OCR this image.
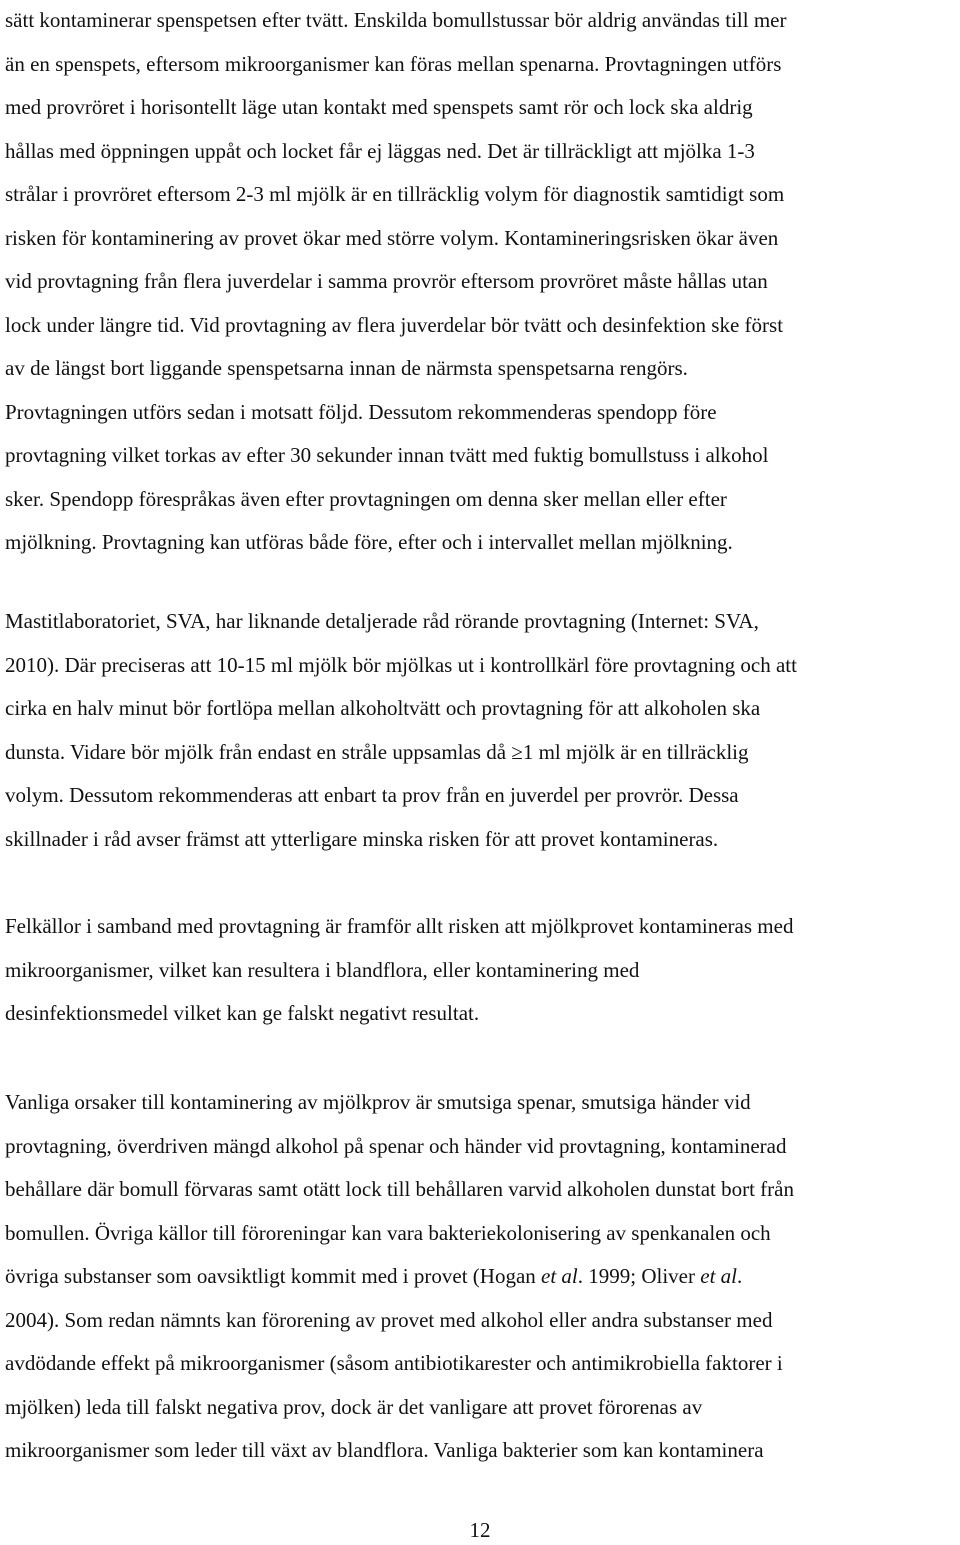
sätt kontaminerar spenspetsen efter tvätt. Enskilda bomullstussar bör aldrig användas till mer
än en spenspets, eftersom mikroorganismer kan föras mellan spenarna. Provtagningen utförs
med provröret i horisontellt läge utan kontakt med spenspets samt rör och lock ska aldrig
hållas med öppningen uppåt och locket får ej läggas ned. Det är tillräckligt att mjölka 1-3
strålar i provröret eftersom 2-3 ml mjölk är en tillräcklig volym för diagnostik samtidigt som
risken för kontaminering av provet ökar med större volym. Kontamineringsrisken ökar även
vid provtagning från flera juverdelar i samma provrör eftersom provröret måste hållas utan
lock under längre tid. Vid provtagning av flera juverdelar bör tvätt och desinfektion ske först
av de längst bort liggande spenspetsarna innan de närmsta spenspetsarna rengörs.
Provtagningen utförs sedan i motsatt följd. Dessutom rekommenderas spendopp före
provtagning vilket torkas av efter 30 sekunder innan tvätt med fuktig bomullstuss i alkohol
sker. Spendopp förespråkas även efter provtagningen om denna sker mellan eller efter
mjölkning. Provtagning kan utföras både före, efter och i intervallet mellan mjölkning.

Mastitlaboratoriet, SVA, har liknande detaljerade råd rörande provtagning (Internet: SVA,
2010). Där preciseras att 10-15 ml mjölk bör mjölkas ut i kontrollkärl före provtagning och att
cirka en halv minut bör fortlöpa mellan alkoholtvätt och provtagning för att alkoholen ska
dunsta. Vidare bör mjölk från endast en stråle uppsamlas då ≥1 ml mjölk är en tillräcklig
volym. Dessutom rekommenderas att enbart ta prov från en juverdel per provrör. Dessa
skillnader i råd avser främst att ytterligare minska risken för att provet kontamineras.

Felkällor i samband med provtagning är framför allt risken att mjölkprovet kontamineras med
mikroorganismer, vilket kan resultera i blandflora, eller kontaminering med
desinfektionsmedel vilket kan ge falskt negativt resultat.

Vanliga orsaker till kontaminering av mjölkprov är smutsiga spenar, smutsiga händer vid
provtagning, överdriven mängd alkohol på spenar och händer vid provtagning, kontaminerad
behållare där bomull förvaras samt otätt lock till behållaren varvid alkoholen dunstat bort från
bomullen. Övriga källor till föroreningar kan vara bakteriekolonisering av spenkanalen och
övriga substanser som oavsiktligt kommit med i provet (Hogan et al. 1999; Oliver et al.
2004). Som redan nämnts kan förorening av provet med alkohol eller andra substanser med
avdödande effekt på mikroorganismer (såsom antibiotikarester och antimikrobiella faktorer i
mjölken) leda till falskt negativa prov, dock är det vanligare att provet förorenas av
mikroorganismer som leder till växt av blandflora. Vanliga bakterier som kan kontaminera

12
